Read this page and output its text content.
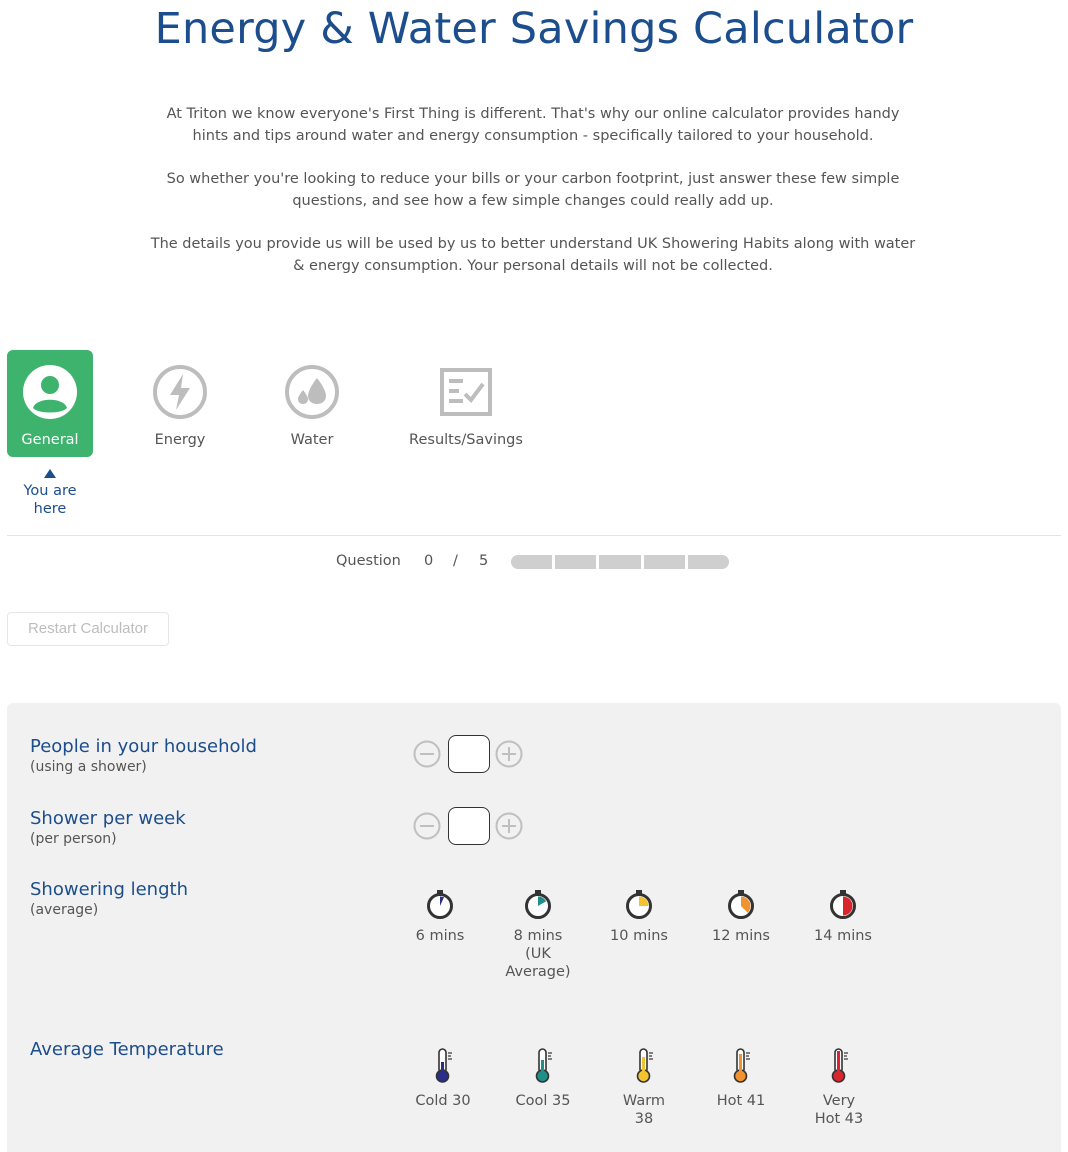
Energy & Water Savings Calculator

At Triton we know everyone's First Thing is different. That's why our online calculator provides handy hints and tips around water and energy consumption - specifically tailored to your household.

So whether you're looking to reduce your bills or your carbon footprint, just answer these few simple questions, and see how a few simple changes could really add up.

The details you provide us will be used by us to better understand UK Showering Habits along with water & energy consumption. Your personal details will not be collected.

General	Energy	Water	Results/Savings
You are here
Question 0 / 5
Restart Calculator
People in your household
(using a shower)
Shower per week
(per person)
Showering length
(average)
6 mins	8 mins (UK Average)
10 mins	12 mins	14 mins
Average Temperature
Cold 30	Cool 35	Warm 38
Hot 41	Very Hot 43
